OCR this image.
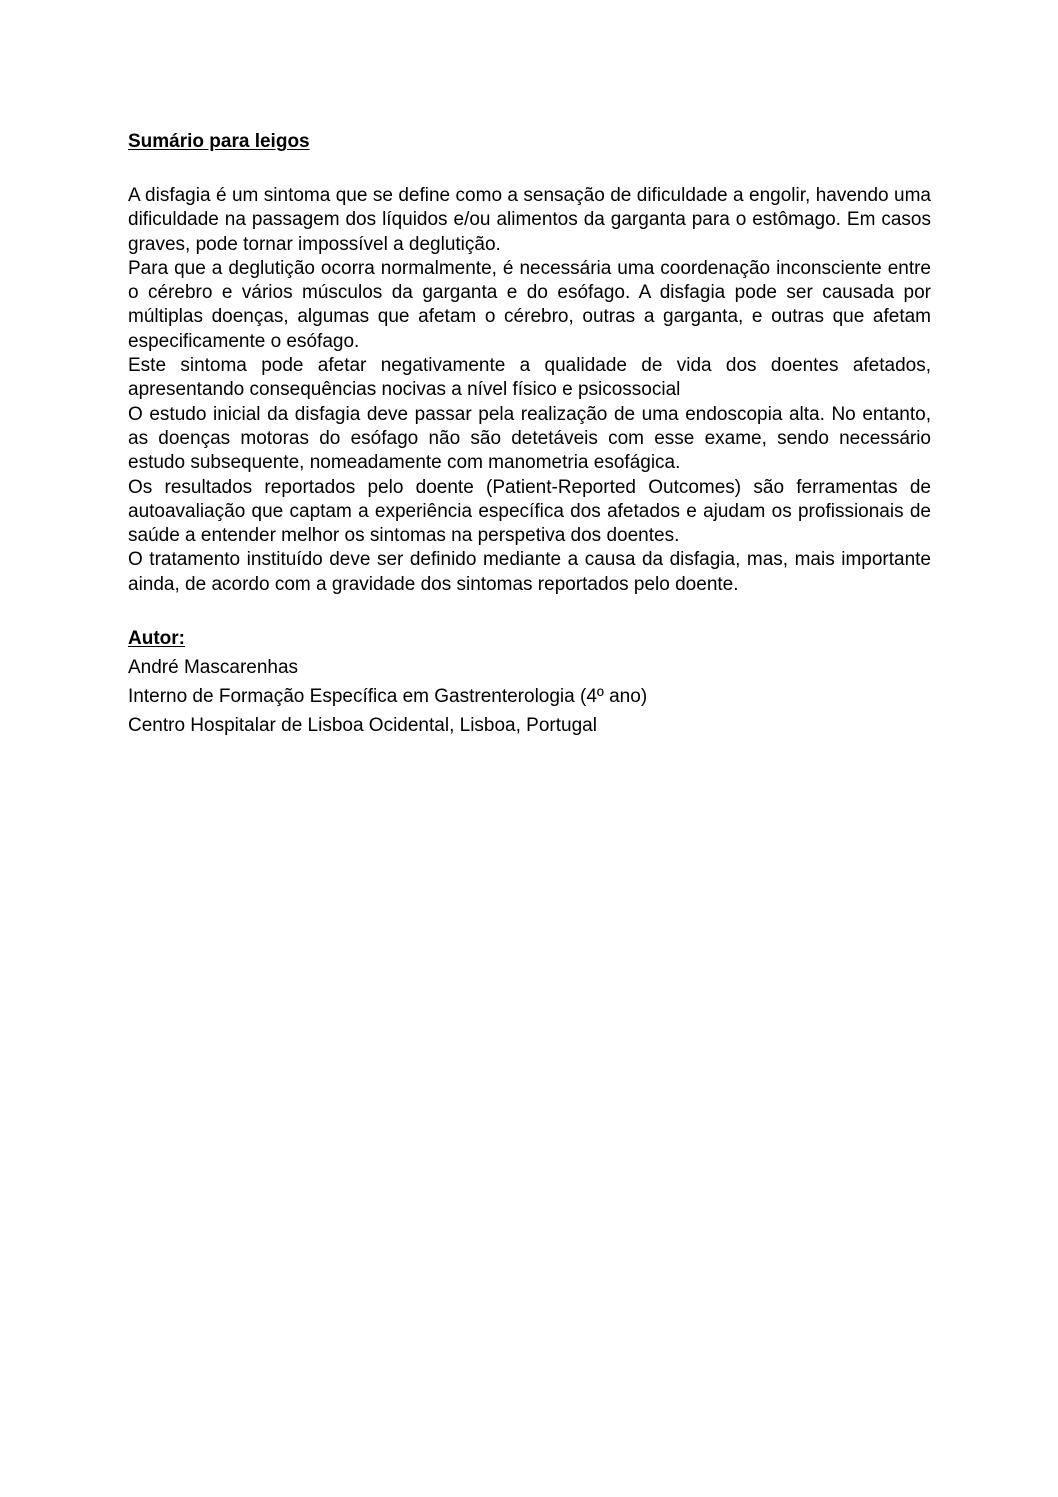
Sumário para leigos

A disfagia é um sintoma que se define como a sensação de dificuldade a engolir, havendo uma dificuldade na passagem dos líquidos e/ou alimentos da garganta para o estômago. Em casos graves, pode tornar impossível a deglutição.

Para que a deglutição ocorra normalmente, é necessária uma coordenação inconsciente entre o cérebro e vários músculos da garganta e do esófago. A disfagia pode ser causada por múltiplas doenças, algumas que afetam o cérebro, outras a garganta, e outras que afetam especificamente o esófago.

Este sintoma pode afetar negativamente a qualidade de vida dos doentes afetados, apresentando consequências nocivas a nível físico e psicossocial

O estudo inicial da disfagia deve passar pela realização de uma endoscopia alta. No entanto, as doenças motoras do esófago não são detetáveis com esse exame, sendo necessário estudo subsequente, nomeadamente com manometria esofágica.

Os resultados reportados pelo doente (Patient-Reported Outcomes) são ferramentas de autoavaliação que captam a experiência específica dos afetados e ajudam os profissionais de saúde a entender melhor os sintomas na perspetiva dos doentes.

O tratamento instituído deve ser definido mediante a causa da disfagia, mas, mais importante ainda, de acordo com a gravidade dos sintomas reportados pelo doente.

Autor:

André Mascarenhas

Interno de Formação Específica em Gastrenterologia (4º ano)

Centro Hospitalar de Lisboa Ocidental, Lisboa, Portugal
